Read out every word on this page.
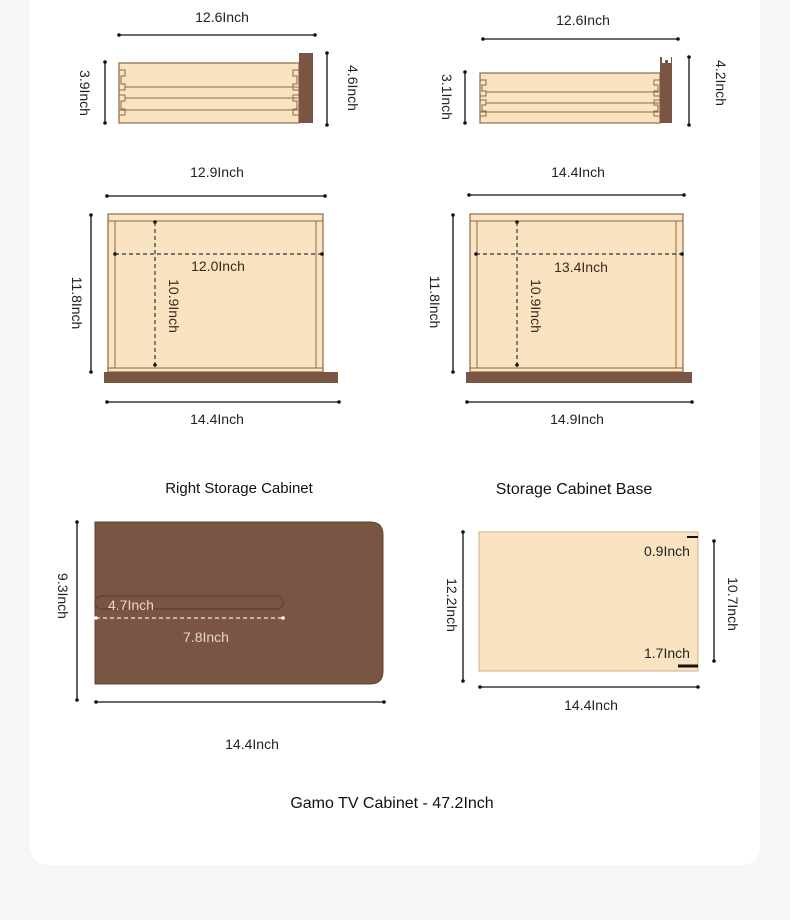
12.6Inch
3.9Inch	4.6Inch
12.6Inch
3.1Inch	4.2Inch
12.9Inch
12.0Inch
10.9Inch
11.8Inch
14.4Inch
14.4Inch
13.4Inch
10.9Inch
11.8Inch
14.9Inch
Right Storage Cabinet	Storage Cabinet Base
4.7Inch
7.8Inch
9.3Inch
14.4Inch
0.9Inch
1.7Inch
12.2Inch	10.7Inch
14.4Inch
Gamo TV Cabinet - 47.2Inch
